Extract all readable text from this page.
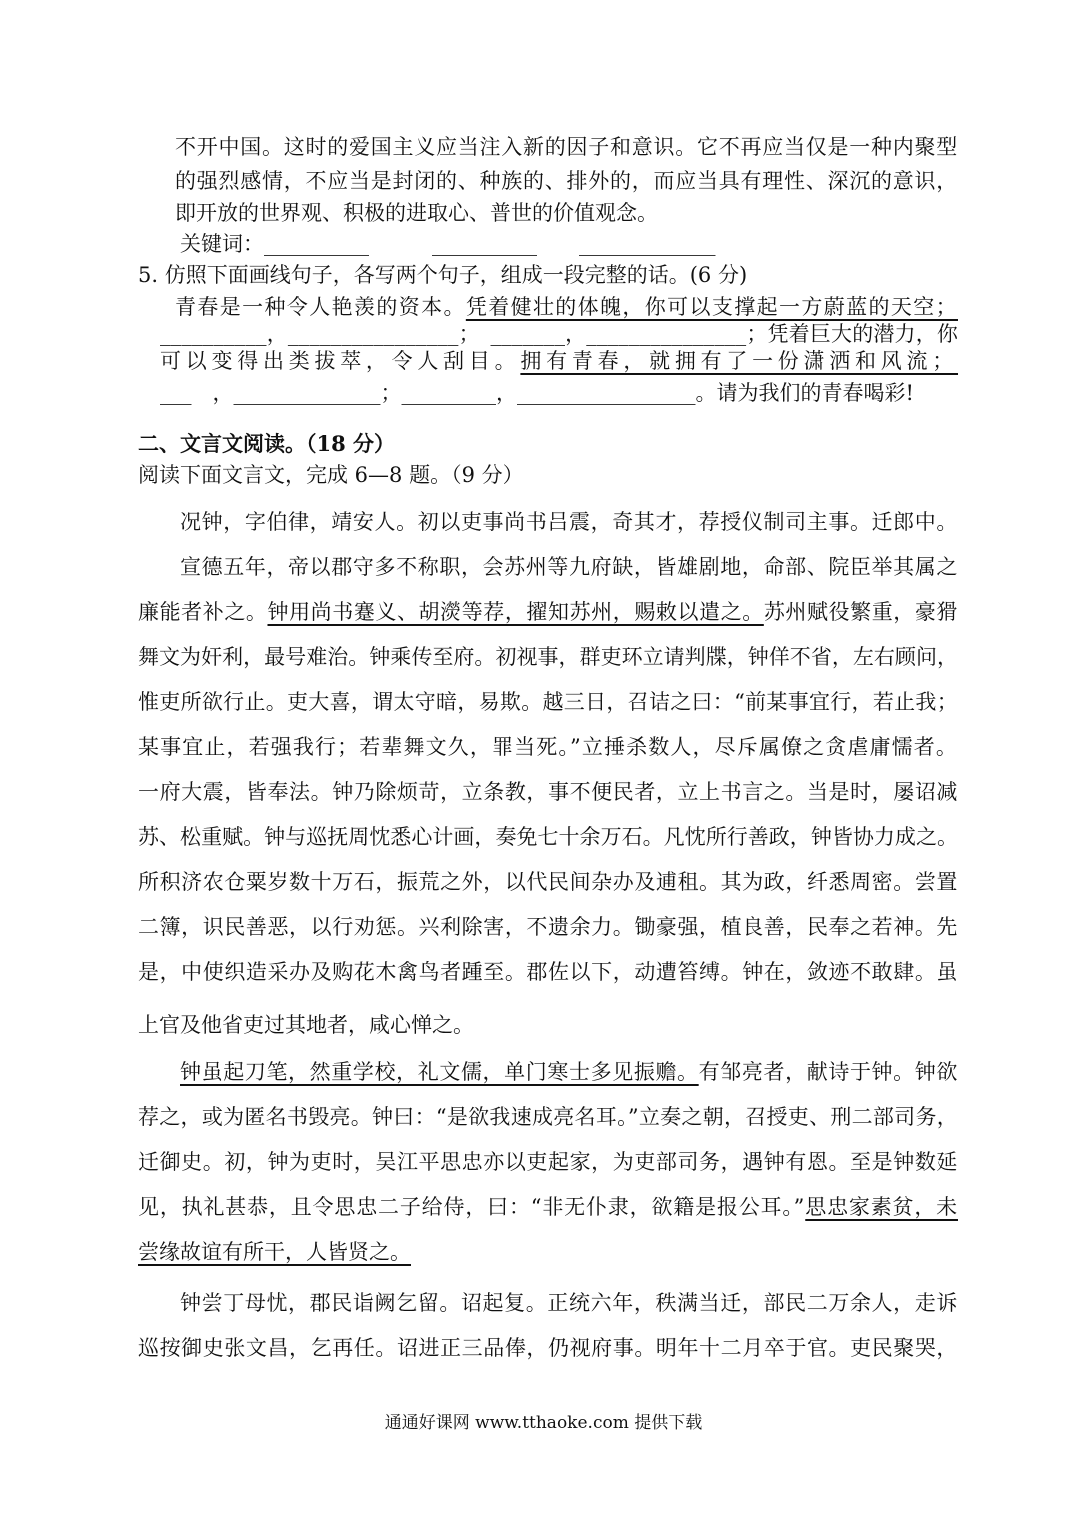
二、文言文阅读。（18 分）
阅读下面文言文，完成 6—8 题。（9 分）
通通好课网 www.tthaoke.com 提供下载
不开中国。这时的爱国主义应当注入新的因子和意识。它不再应当仅是一种内聚型
的强烈感情，不应当是封闭的、种族的、排外的，而应当具有理性、深沉的意识，
即开放的世界观、积极的进取心、普世的价值观念。
关键词：__________　　　	__________　　 _____________
5. 仿照下面画线句子，各写两个句子，组成一段完整的话。(6 分)
青春是一种令人艳羡的资本。凭着健壮的体魄，你可以支撑起一方蔚蓝的天空；
__________，________________；　_______，_______________；凭着巨大的潜力，你
可以变得出类拔萃，令人刮目。拥有青春，就拥有了一份潇洒和风流；
___　，______________；_________，_________________。请为我们的青春喝彩!
况钟，字伯律，靖安人。初以吏事尚书吕震，奇其才，荐授仪制司主事。迁郎中。
宣德五年，帝以郡守多不称职，会苏州等九府缺，皆雄剧地，命部、院臣举其属之
廉能者补之。钟用尚书蹇义、胡濙等荐，擢知苏州，赐敕以遣之。苏州赋役繁重，豪猾
舞文为奸利，最号难治。钟乘传至府。初视事，群吏环立请判牒，钟佯不省，左右顾问，
惟吏所欲行止。吏大喜，谓太守暗，易欺。越三日，召诘之曰：“前某事宜行，若止我；
某事宜止，若强我行；若辈舞文久，罪当死。”立捶杀数人，尽斥属僚之贪虐庸懦者。
一府大震，皆奉法。钟乃除烦苛，立条教，事不便民者，立上书言之。当是时，屡诏减
苏、松重赋。钟与巡抚周忱悉心计画，奏免七十余万石。凡忱所行善政，钟皆协力成之。
所积济农仓粟岁数十万石，振荒之外，以代民间杂办及逋租。其为政，纤悉周密。尝置
二簿，识民善恶，以行劝惩。兴利除害，不遗余力。锄豪强，植良善，民奉之若神。先
是，中使织造采办及购花木禽鸟者踵至。郡佐以下，动遭笞缚。钟在，敛迹不敢肆。虽
上官及他省吏过其地者，咸心惮之。
钟虽起刀笔，然重学校，礼文儒，单门寒士多见振赡。有邹亮者，献诗于钟。钟欲
荐之，或为匿名书毁亮。钟曰：“是欲我速成亮名耳。”立奏之朝，召授吏、刑二部司务，
迁御史。初，钟为吏时，吴江平思忠亦以吏起家，为吏部司务，遇钟有恩。至是钟数延
见，执礼甚恭，且令思忠二子给侍，曰：“非无仆隶，欲籍是报公耳。”思忠家素贫，未
尝缘故谊有所干，人皆贤之。
钟尝丁母忧，郡民诣阙乞留。诏起复。正统六年，秩满当迁，部民二万余人，走诉
巡按御史张文昌，乞再任。诏进正三品俸，仍视府事。明年十二月卒于官。吏民聚哭，
